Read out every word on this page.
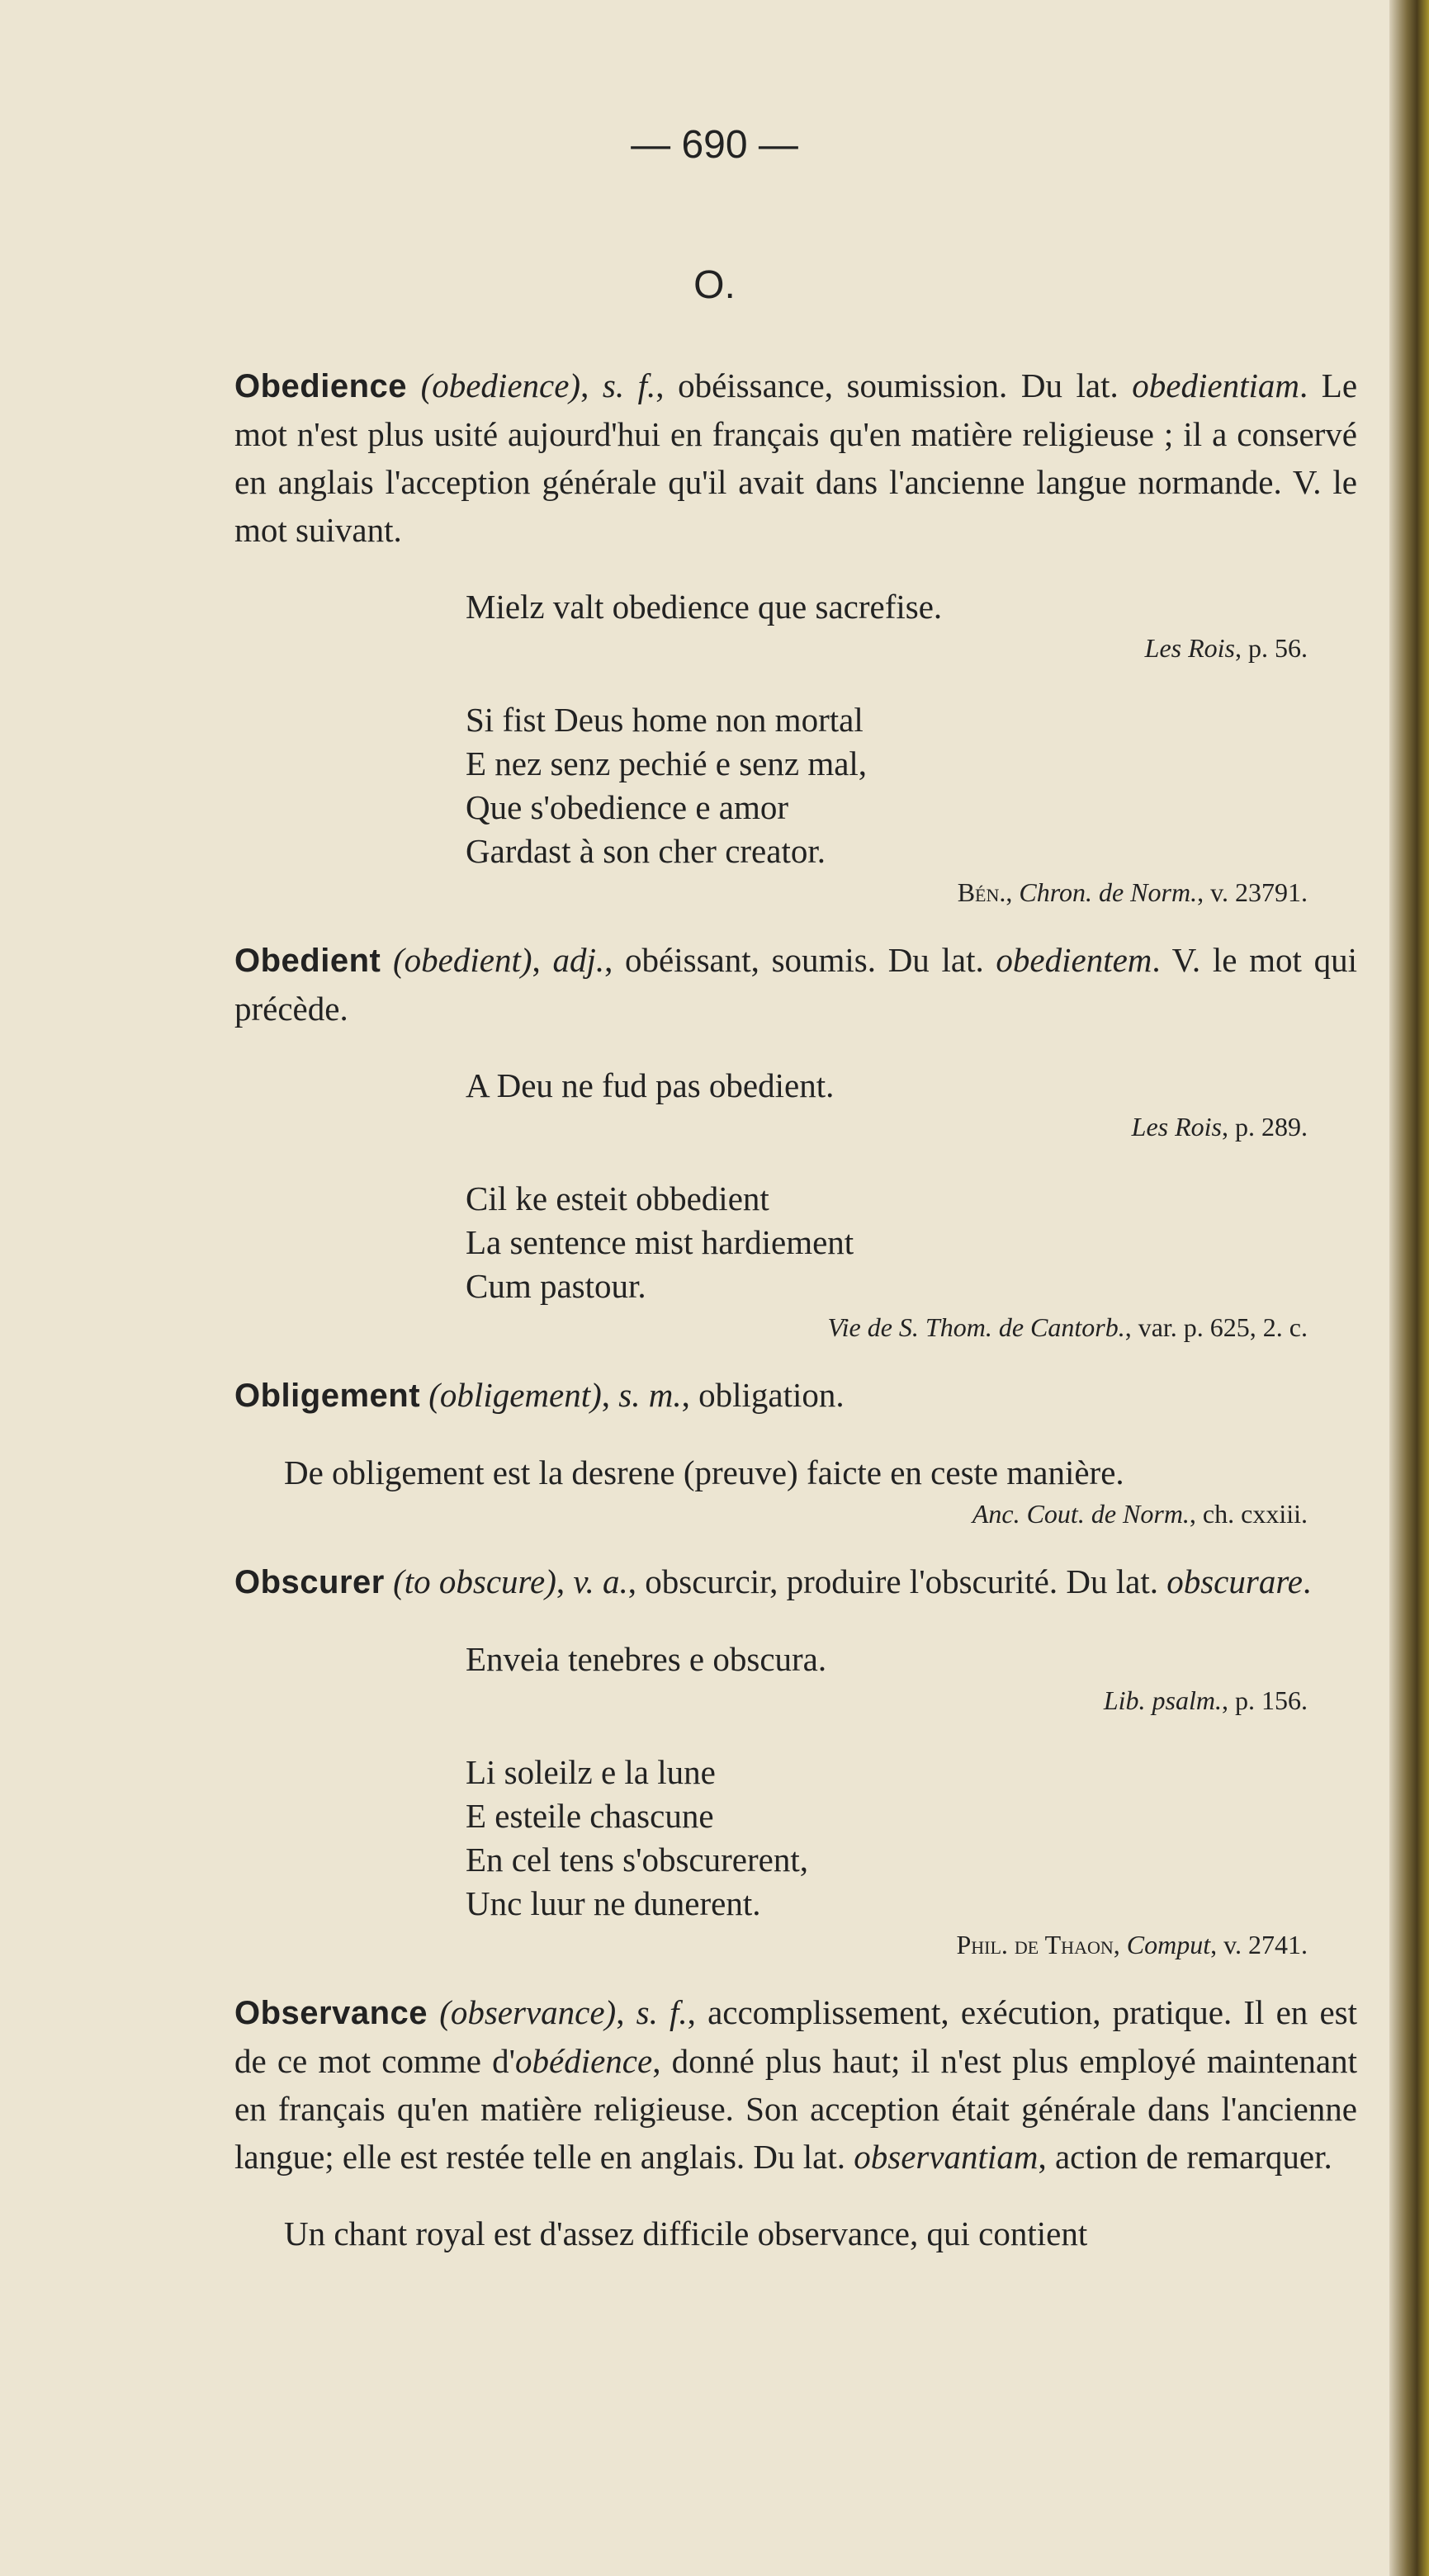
— 690 —
O.

Obedience (obedience), s. f., obéissance, soumission. Du lat. obedientiam. Le mot n'est plus usité aujourd'hui en français qu'en matière religieuse ; il a conservé en anglais l'acception générale qu'il avait dans l'ancienne langue normande. V. le mot suivant.

Mielz valt obedience que sacrefise.
Les Rois, p. 56.
Si fist Deus home non mortal
E nez senz pechié e senz mal,
Que s'obedience e amor
Gardast à son cher creator.
Bén., Chron. de Norm., v. 23791.

Obedient (obedient), adj., obéissant, soumis. Du lat. obedientem. V. le mot qui précède.

A Deu ne fud pas obedient.
Les Rois, p. 289.
Cil ke esteit obbedient
La sentence mist hardiement
Cum pastour.
Vie de S. Thom. de Cantorb., var. p. 625, 2. c.

Obligement (obligement), s. m., obligation.

De obligement est la desrene (preuve) faicte en ceste manière.
Anc. Cout. de Norm., ch. cxxiii.

Obscurer (to obscure), v. a., obscurcir, produire l'obscurité. Du lat. obscurare.

Enveia tenebres e obscura.
Lib. psalm., p. 156.
Li soleilz e la lune
E esteile chascune
En cel tens s'obscurerent,
Unc luur ne dunerent.
Phil. de Thaon, Comput, v. 2741.

Observance (observance), s. f., accomplissement, exécution, pratique. Il en est de ce mot comme d'obédience, donné plus haut; il n'est plus employé maintenant en français qu'en matière religieuse. Son acception était générale dans l'ancienne langue; elle est restée telle en anglais. Du lat. observantiam, action de remarquer.

Un chant royal est d'assez difficile observance, qui contient
